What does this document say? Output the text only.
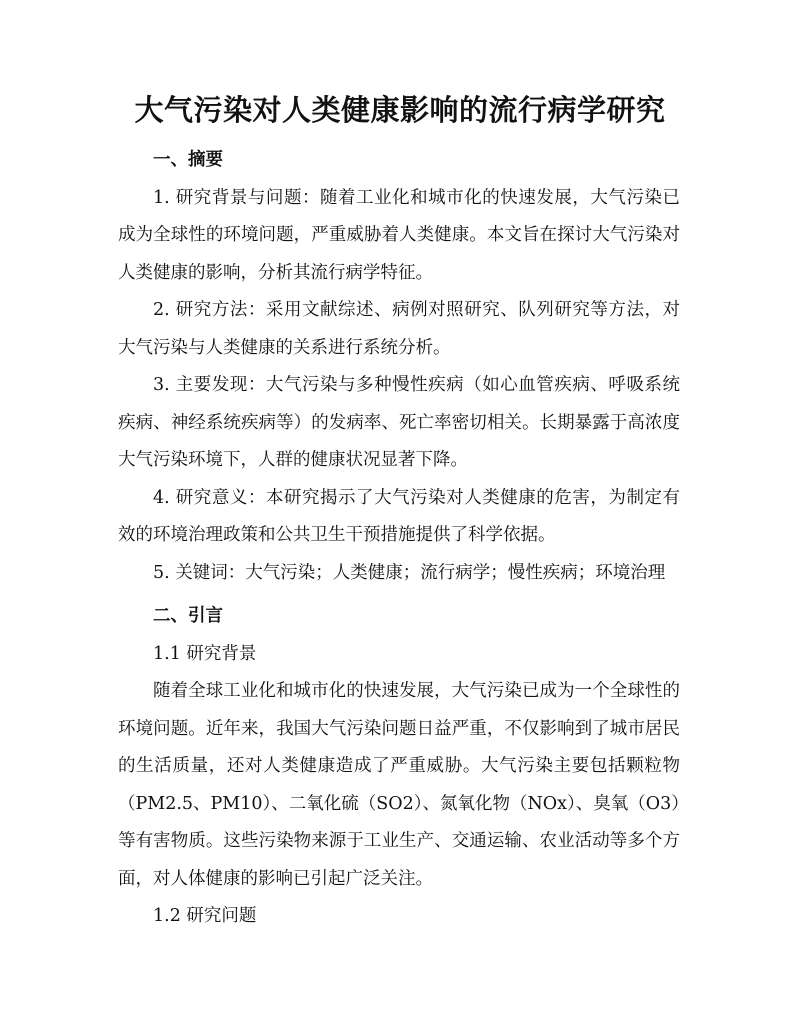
大气污染对人类健康影响的流行病学研究

一、摘要

1. 研究背景与问题：随着工业化和城市化的快速发展，大气污染已成为全球性的环境问题，严重威胁着人类健康。本文旨在探讨大气污染对人类健康的影响，分析其流行病学特征。

2. 研究方法：采用文献综述、病例对照研究、队列研究等方法，对大气污染与人类健康的关系进行系统分析。

3. 主要发现：大气污染与多种慢性疾病（如心血管疾病、呼吸系统疾病、神经系统疾病等）的发病率、死亡率密切相关。长期暴露于高浓度大气污染环境下，人群的健康状况显著下降。

4. 研究意义：本研究揭示了大气污染对人类健康的危害，为制定有效的环境治理政策和公共卫生干预措施提供了科学依据。

5. 关键词：大气污染；人类健康；流行病学；慢性疾病；环境治理

二、引言

1.1 研究背景

随着全球工业化和城市化的快速发展，大气污染已成为一个全球性的环境问题。近年来，我国大气污染问题日益严重，不仅影响到了城市居民的生活质量，还对人类健康造成了严重威胁。大气污染主要包括颗粒物（PM2.5、PM10）、二氧化硫（SO2）、氮氧化物（NOx）、臭氧（O3）等有害物质。这些污染物来源于工业生产、交通运输、农业活动等多个方面，对人体健康的影响已引起广泛关注。

1.2 研究问题
